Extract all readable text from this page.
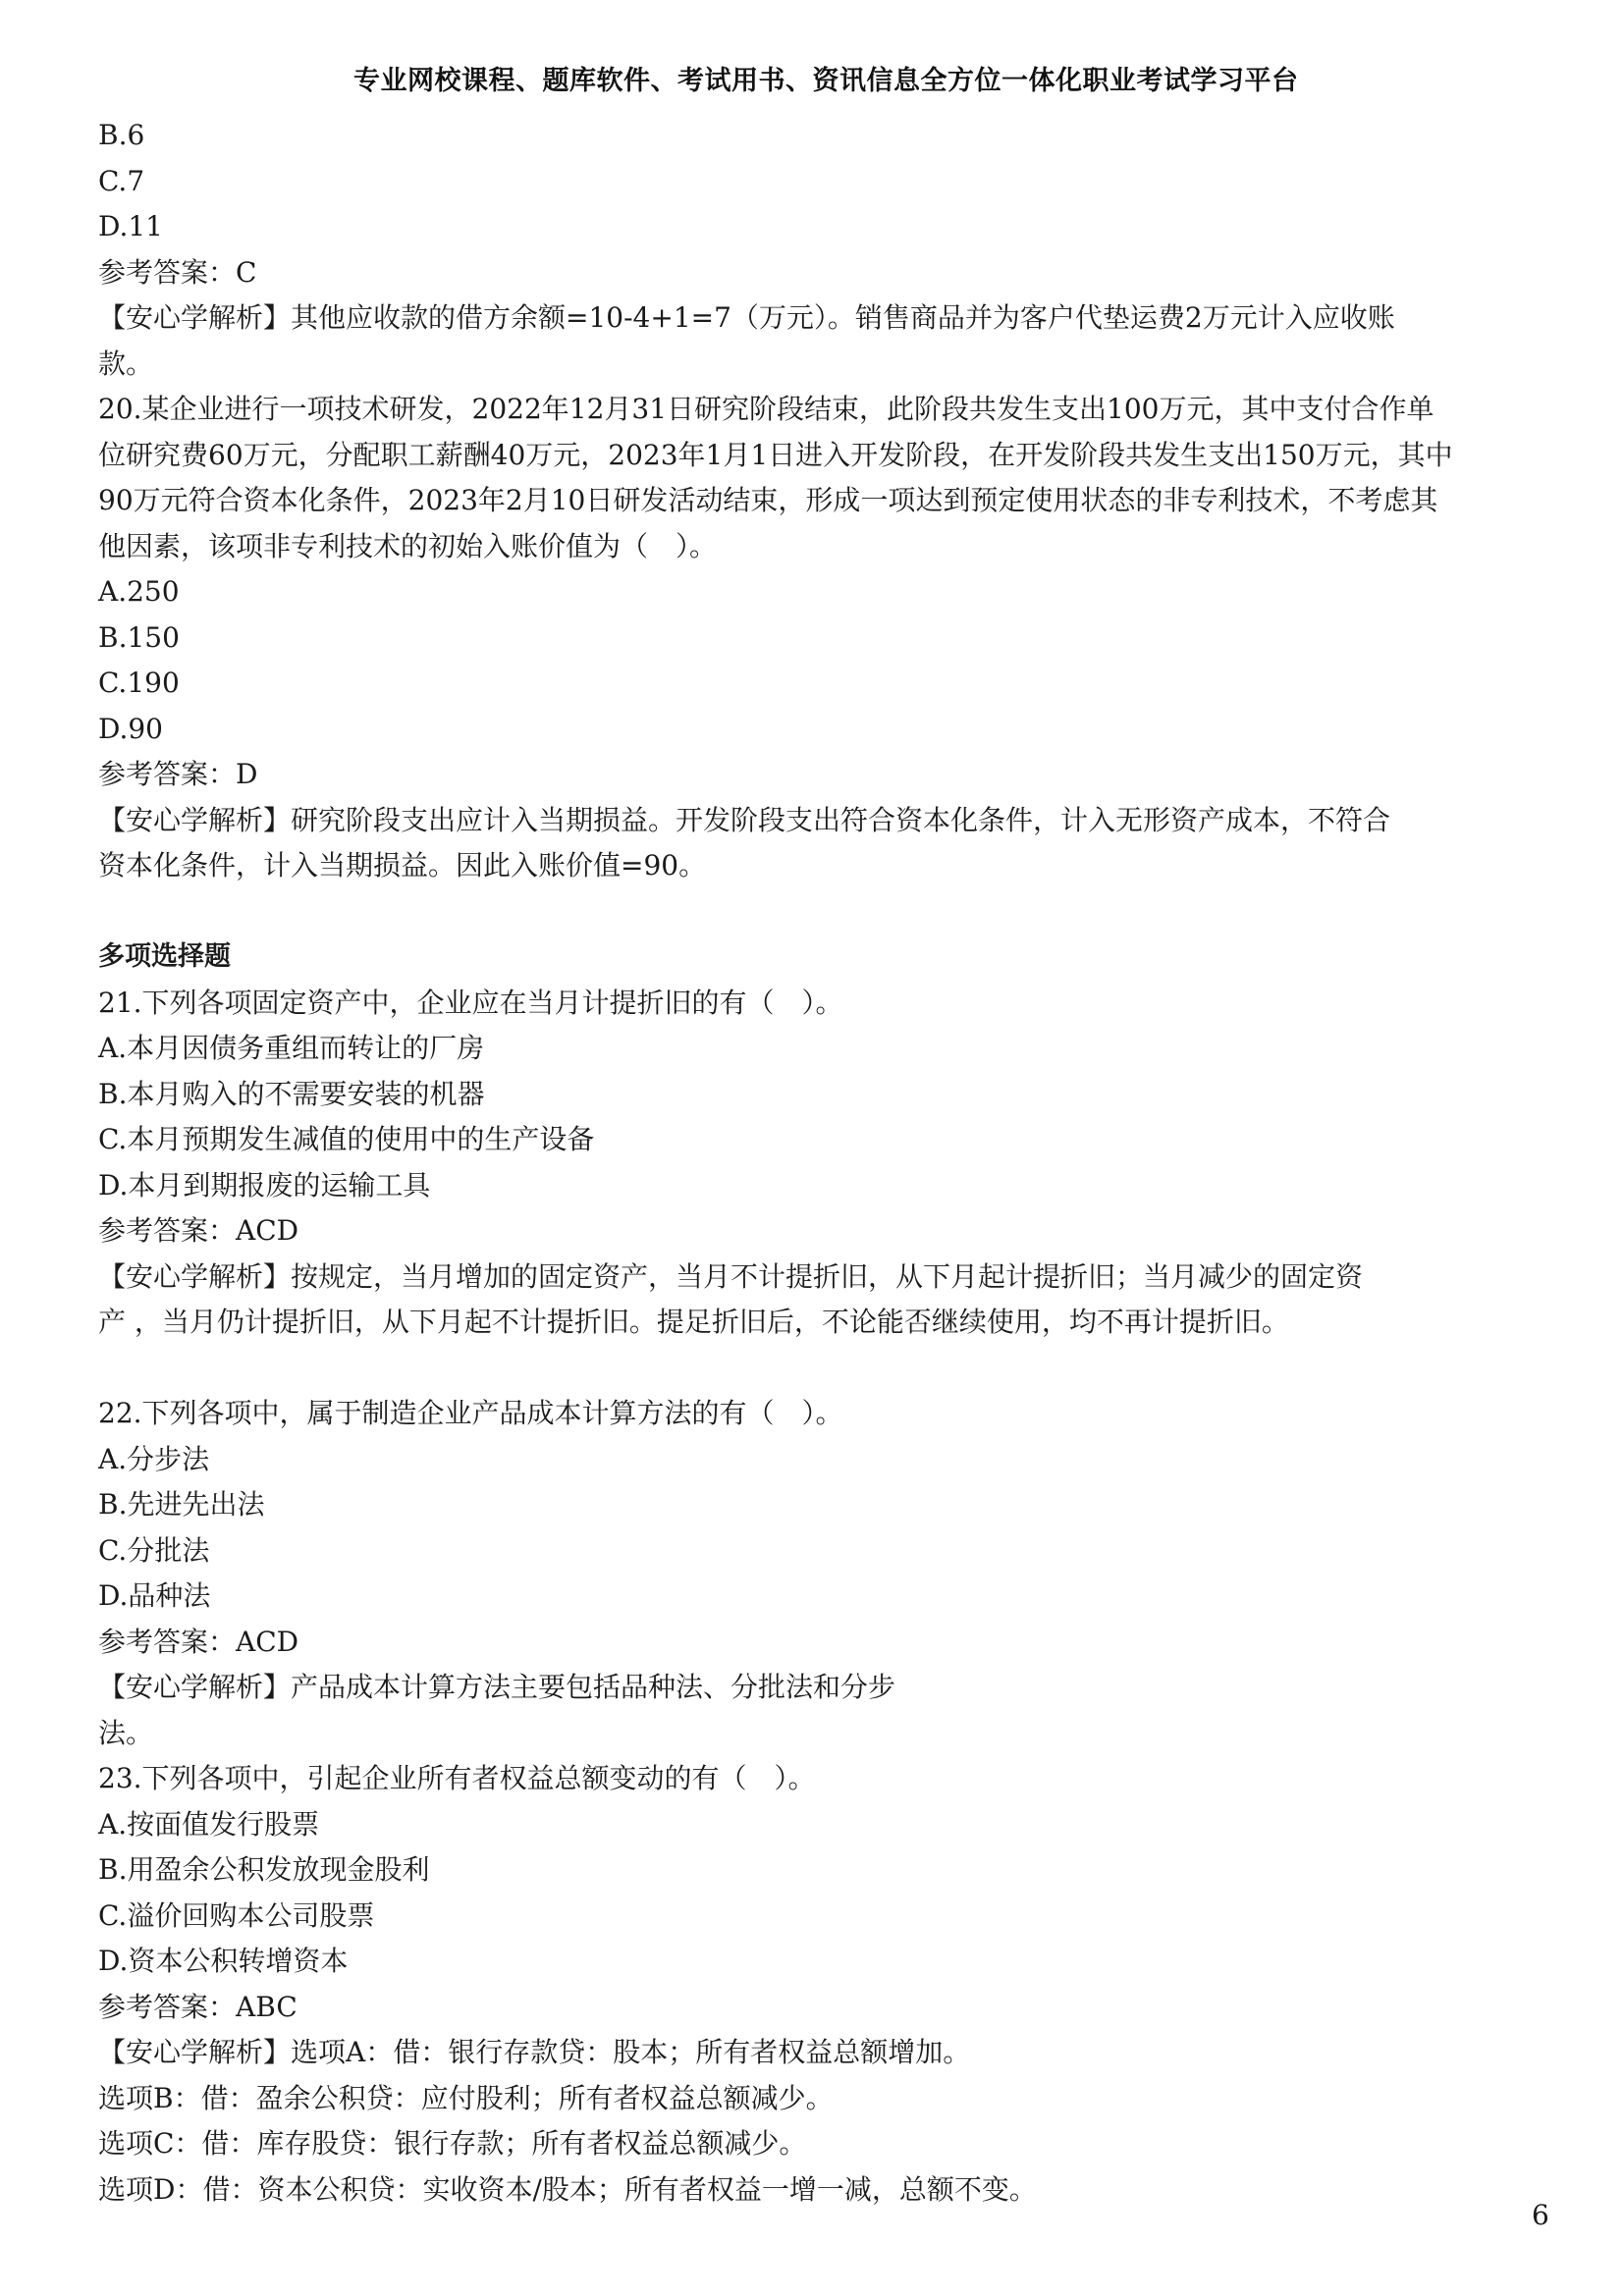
专业网校课程、题库软件、考试用书、资讯信息全方位一体化职业考试学习平台
B.6
C.7
D.11
参考答案：C
【安心学解析】其他应收款的借方余额=10-4+1=7（万元）。销售商品并为客户代垫运费2万元计入应收账
款。
20.某企业进行一项技术研发，2022年12月31日研究阶段结束，此阶段共发生支出100万元，其中支付合作单
位研究费60万元，分配职工薪酬40万元，2023年1月1日进入开发阶段，在开发阶段共发生支出150万元，其中
90万元符合资本化条件，2023年2月10日研发活动结束，形成一项达到预定使用状态的非专利技术，不考虑其
他因素，该项非专利技术的初始入账价值为（　）。
A.250
B.150
C.190
D.90
参考答案：D
【安心学解析】研究阶段支出应计入当期损益。开发阶段支出符合资本化条件，计入无形资产成本，不符合
资本化条件，计入当期损益。因此入账价值=90。
多项选择题
21.下列各项固定资产中，企业应在当月计提折旧的有（　）。
A.本月因债务重组而转让的厂房
B.本月购入的不需要安装的机器
C.本月预期发生减值的使用中的生产设备
D.本月到期报废的运输工具
参考答案：ACD
【安心学解析】按规定，当月增加的固定资产，当月不计提折旧，从下月起计提折旧；当月减少的固定资
产 ，当月仍计提折旧，从下月起不计提折旧。提足折旧后，不论能否继续使用，均不再计提折旧。
22.下列各项中，属于制造企业产品成本计算方法的有（　）。
A.分步法
B.先进先出法
C.分批法
D.品种法
参考答案：ACD
【安心学解析】产品成本计算方法主要包括品种法、分批法和分步
法。
23.下列各项中，引起企业所有者权益总额变动的有（　）。
A.按面值发行股票
B.用盈余公积发放现金股利
C.溢价回购本公司股票
D.资本公积转增资本
参考答案：ABC
【安心学解析】选项A：借：银行存款贷：股本；所有者权益总额增加。
选项B：借：盈余公积贷：应付股利；所有者权益总额减少。
选项C：借：库存股贷：银行存款；所有者权益总额减少。
选项D：借：资本公积贷：实收资本/股本；所有者权益一增一减，总额不变。
6
